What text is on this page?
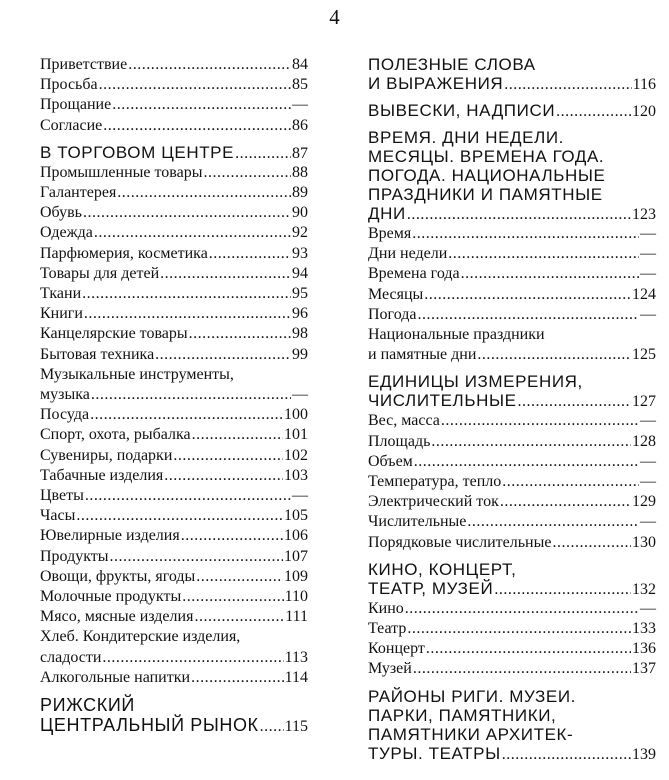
4
Приветствие .....	84
Просьба .....	85
Прощание .....	—
Согласие .....	86
В ТОРГОВОМ ЦЕНТРЕ .....	87
Промышленные товары .....	88
Галантерея .....	89
Обувь .....	90
Одежда .....	92
Парфюмерия, косметика .....	93
Товары для детей .....	94
Ткани .....	95
Книги .....	96
Канцелярские товары .....	98
Бытовая техника .....	99
Музыкальные инструменты,
музыка .....	—
Посуда .....	100
Спорт, охота, рыбалка .....	101
Сувениры, подарки .....	102
Табачные изделия .....	103
Цветы .....	—
Часы .....	105
Ювелирные изделия .....	106
Продукты .....	107
Овощи, фрукты, ягоды .....	109
Молочные продукты .....	110
Мясо, мясные изделия .....	111
Хлеб. Кондитерские изделия,
сладости .....	113
Алкогольные напитки .....	114
РИЖСКИЙ
ЦЕНТРАЛЬНЫЙ РЫНОК ..... 115
ПОЛЕЗНЫЕ СЛОВА
И ВЫРАЖЕНИЯ .....	116
ВЫВЕСКИ, НАДПИСИ .....	120
ВРЕМЯ. ДНИ НЕДЕЛИ.
МЕСЯЦЫ. ВРЕМЕНА ГОДА.
ПОГОДА. НАЦИОНАЛЬНЫЕ
ПРАЗДНИКИ И ПАМЯТНЫЕ
ДНИ .....	123
Время .....	—
Дни недели .....	—
Времена года .....	—
Месяцы .....	124
Погода .....	—
Национальные праздники
и памятные дни .....	125
ЕДИНИЦЫ ИЗМЕРЕНИЯ,
ЧИСЛИТЕЛЬНЫЕ .....	127
Вес, масса .....	—
Площадь .....	128
Объем .....	—
Температура, тепло .....	—
Электрический ток .....	129
Числительные .....	—
Порядковые числительные .....	130
КИНО, КОНЦЕРТ,
ТЕАТР, МУЗЕЙ .....	132
Кино .....	—
Театр .....	133
Концерт .....	136
Музей .....	137
РАЙОНЫ РИГИ. МУЗЕИ.
ПАРКИ, ПАМЯТНИКИ,
ПАМЯТНИКИ АРХИТЕК-
ТУРЫ. ТЕАТРЫ .....	139
